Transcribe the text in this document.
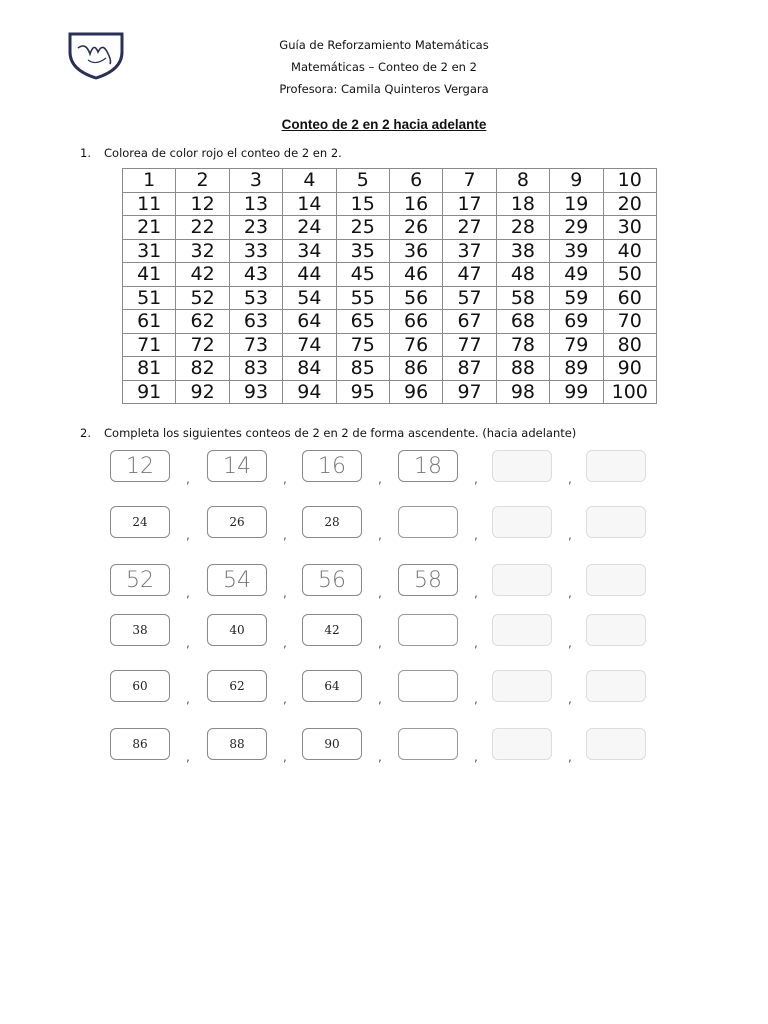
Guía de Reforzamiento Matemáticas
Matemáticas – Conteo de 2 en 2
Profesora: Camila Quinteros Vergara
Conteo de 2 en 2 hacia adelante
1. Colorea de color rojo el conteo de 2 en 2.
1	2	3	4	5	6	7	8	9	10
11	12	13	14	15	16	17	18	19	20
21	22	23	24	25	26	27	28	29	30
31	32	33	34	35	36	37	38	39	40
41	42	43	44	45	46	47	48	49	50
51	52	53	54	55	56	57	58	59	60
61	62	63	64	65	66	67	68	69	70
71	72	73	74	75	76	77	78	79	80
81	82	83	84	85	86	87	88	89	90
91	92	93	94	95	96	97	98	99	100
2. Completa los siguientes conteos de 2 en 2 de forma ascendente. (hacia adelante)
12
,
14
,
16
,
18
,	,
24
,
26
,
28
,	,	,
52
,
54
,
56
,
58
,	,
38
,
40
,
42
,	,	,
60
,
62
,
64
,	,	,
86
,
88
,
90
,	,	,
